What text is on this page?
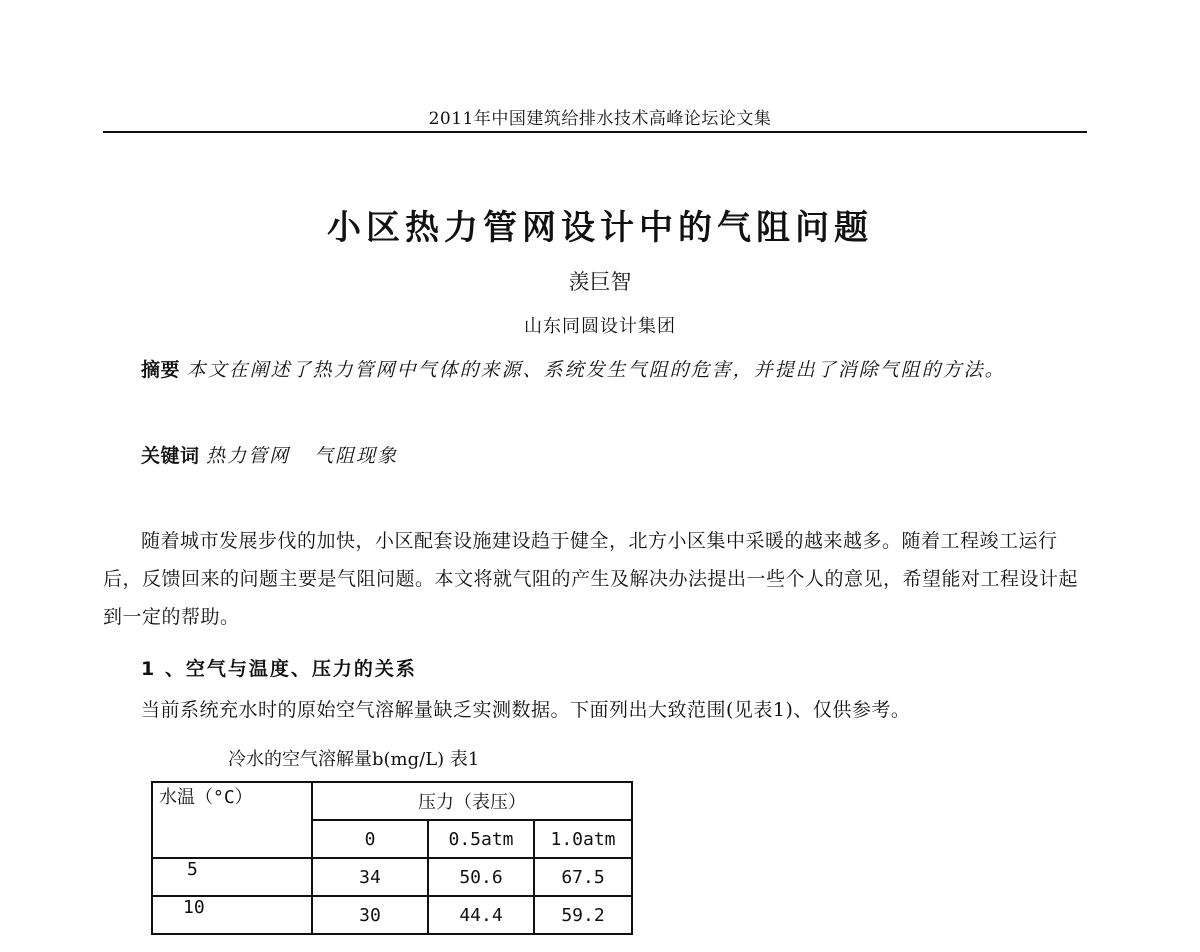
2011年中国建筑给排水技术高峰论坛论文集
小区热力管网设计中的气阻问题
羡巨智
山东同圆设计集团
摘要 本文在阐述了热力管网中气体的来源、系统发生气阻的危害，并提出了消除气阻的方法。
关键词 热力管网 气阻现象
随着城市发展步伐的加快，小区配套设施建设趋于健全，北方小区集中采暖的越来越多。随着工程竣工运行后，反馈回来的问题主要是气阻问题。本文将就气阻的产生及解决办法提出一些个人的意见，希望能对工程设计起到一定的帮助。
1 、空气与温度、压力的关系
当前系统充水时的原始空气溶解量缺乏实测数据。下面列出大致范围(见表1)、仅供参考。
冷水的空气溶解量b(mg/L) 表1
水温（°C）	压力（表压）		
	0	0.5atm	1.0atm
5	34	50.6	67.5
10	30	44.4	59.2
